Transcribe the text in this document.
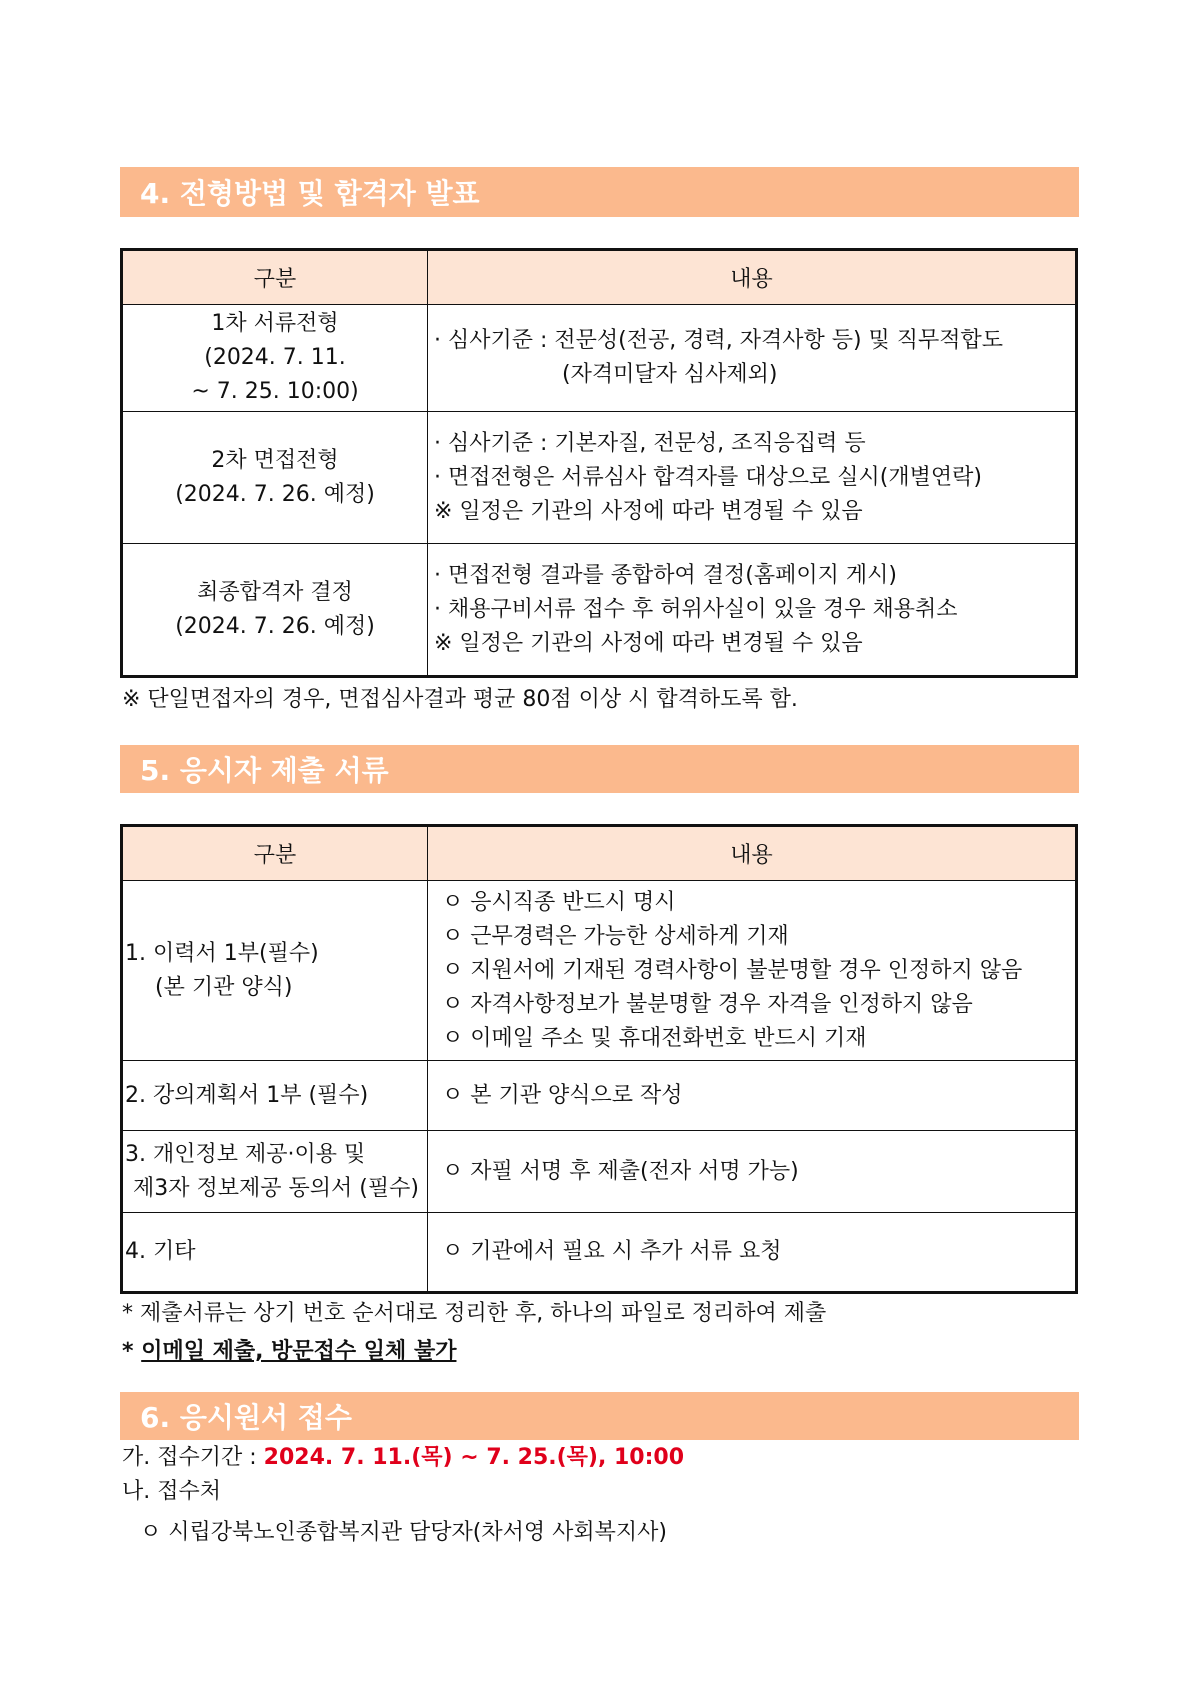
4. 전형방법 및 합격자 발표
구분	내용

1차 서류전형
(2024. 7. 11.
~ 7. 25. 10:00)	· 심사기준 : 전문성(전공, 경력, 자격사항 등) 및 직무적합도
(자격미달자 심사제외)

2차 면접전형
(2024. 7. 26. 예정)	· 심사기준 : 기본자질, 전문성, 조직응집력 등
· 면접전형은 서류심사 합격자를 대상으로 실시(개별연락)
※ 일정은 기관의 사정에 따라 변경될 수 있음

최종합격자 결정
(2024. 7. 26. 예정)	· 면접전형 결과를 종합하여 결정(홈페이지 게시)
· 채용구비서류 접수 후 허위사실이 있을 경우 채용취소
※ 일정은 기관의 사정에 따라 변경될 수 있음
※ 단일면접자의 경우, 면접심사결과 평균 80점 이상 시 합격하도록 함.
5. 응시자 제출 서류
구분	내용

1. 이력서 1부(필수)
(본 기관 양식)	ㅇ 응시직종 반드시 명시
ㅇ 근무경력은 가능한 상세하게 기재
ㅇ 지원서에 기재된 경력사항이 불분명할 경우 인정하지 않음
ㅇ 자격사항정보가 불분명할 경우 자격을 인정하지 않음
ㅇ 이메일 주소 및 휴대전화번호 반드시 기재

2. 강의계획서 1부 (필수)	ㅇ 본 기관 양식으로 작성

3. 개인정보 제공·이용 및
제3자 정보제공 동의서 (필수)	ㅇ 자필 서명 후 제출(전자 서명 가능)

4. 기타	ㅇ 기관에서 필요 시 추가 서류 요청
* 제출서류는 상기 번호 순서대로 정리한 후, 하나의 파일로 정리하여 제출
* 이메일 제출, 방문접수 일체 불가
6. 응시원서 접수
가. 접수기간 : 2024. 7. 11.(목) ~ 7. 25.(목), 10:00
나. 접수처
ㅇ 시립강북노인종합복지관 담당자(차서영 사회복지사)
